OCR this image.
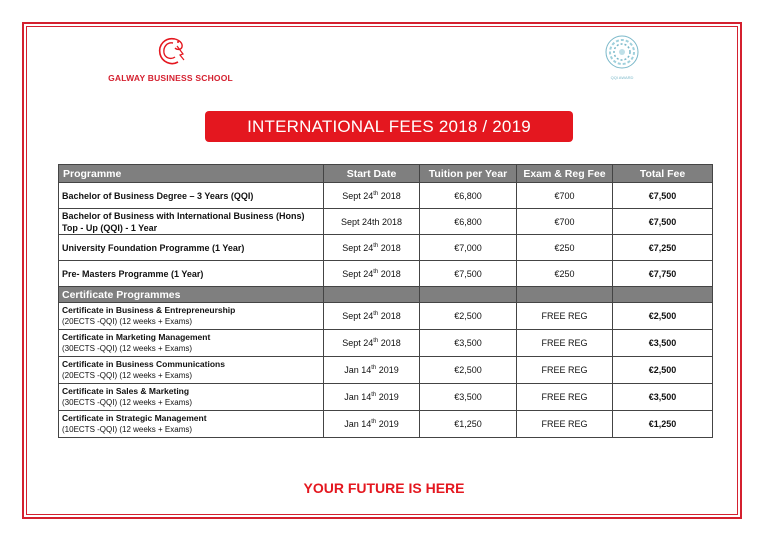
GALWAY BUSINESS SCHOOL	QQI AWARD
INTERNATIONAL FEES 2018 / 2019
Programme	Start Date	Tuition per Year	Exam & Reg Fee	Total Fee
Bachelor of Business Degree – 3 Years (QQI)	Sept 24th 2018	€6,800	€700	€7,500
Bachelor of Business with International Business (Hons) Top - Up (QQI) - 1 Year	Sept 24th 2018	€6,800	€700	€7,500
University Foundation Programme (1 Year)	Sept 24th 2018	€7,000	€250	€7,250
Pre- Masters Programme (1 Year)	Sept 24th 2018	€7,500	€250	€7,750
Certificate Programmes				
Certificate in Business & Entrepreneurship
(20ECTS -QQI) (12 weeks + Exams)	Sept 24th 2018	€2,500	FREE REG	€2,500
Certificate in Marketing Management
(30ECTS -QQI) (12 weeks + Exams)	Sept 24th 2018	€3,500	FREE REG	€3,500
Certificate in Business Communications
(20ECTS -QQI) (12 weeks + Exams)	Jan 14th 2019	€2,500	FREE REG	€2,500
Certificate in Sales & Marketing
(30ECTS -QQI) (12 weeks + Exams)	Jan 14th 2019	€3,500	FREE REG	€3,500
Certificate in Strategic Management
(10ECTS -QQI) (12 weeks + Exams)	Jan 14th 2019	€1,250	FREE REG	€1,250
YOUR FUTURE IS HERE
